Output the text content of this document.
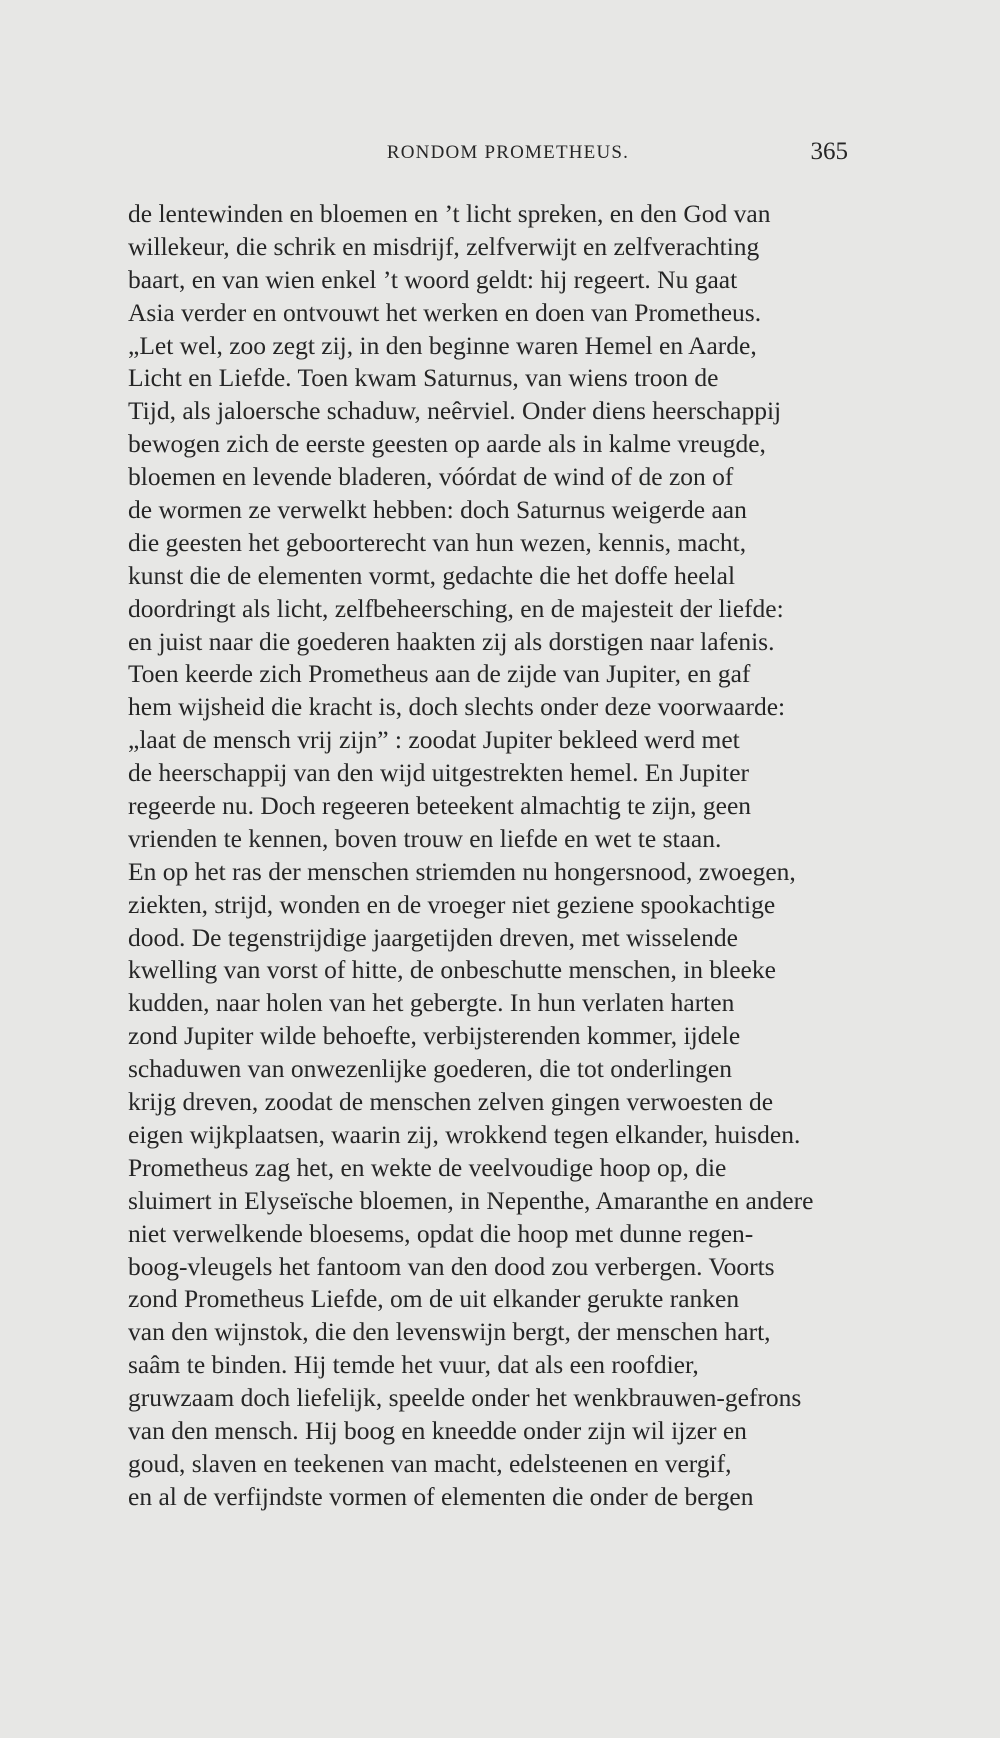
RONDOM PROMETHEUS.	365
de lentewinden en bloemen en ’t licht spreken, en den God van
willekeur, die schrik en misdrijf, zelfverwijt en zelfverachting
baart, en van wien enkel ’t woord geldt: hij regeert. Nu gaat
Asia verder en ontvouwt het werken en doen van Prometheus.
„Let wel, zoo zegt zij, in den beginne waren Hemel en Aarde,
Licht en Liefde. Toen kwam Saturnus, van wiens troon de
Tijd, als jaloersche schaduw, neêrviel. Onder diens heerschappij
bewogen zich de eerste geesten op aarde als in kalme vreugde,
bloemen en levende bladeren, vóórdat de wind of de zon of
de wormen ze verwelkt hebben: doch Saturnus weigerde aan
die geesten het geboorterecht van hun wezen, kennis, macht,
kunst die de elementen vormt, gedachte die het doffe heelal
doordringt als licht, zelfbeheersching, en de majesteit der liefde:
en juist naar die goederen haakten zij als dorstigen naar lafenis.
Toen keerde zich Prometheus aan de zijde van Jupiter, en gaf
hem wijsheid die kracht is, doch slechts onder deze voorwaarde:
„laat de mensch vrij zijn” : zoodat Jupiter bekleed werd met
de heerschappij van den wijd uitgestrekten hemel. En Jupiter
regeerde nu. Doch regeeren beteekent almachtig te zijn, geen
vrienden te kennen, boven trouw en liefde en wet te staan.
En op het ras der menschen striemden nu hongersnood, zwoegen,
ziekten, strijd, wonden en de vroeger niet geziene spookachtige
dood. De tegenstrijdige jaargetijden dreven, met wisselende
kwelling van vorst of hitte, de onbeschutte menschen, in bleeke
kudden, naar holen van het gebergte. In hun verlaten harten
zond Jupiter wilde behoefte, verbijsterenden kommer, ijdele
schaduwen van onwezenlijke goederen, die tot onderlingen
krijg dreven, zoodat de menschen zelven gingen verwoesten de
eigen wijkplaatsen, waarin zij, wrokkend tegen elkander, huisden.
Prometheus zag het, en wekte de veelvoudige hoop op, die
sluimert in Elyseïsche bloemen, in Nepenthe, Amaranthe en andere
niet verwelkende bloesems, opdat die hoop met dunne regen-
boog-vleugels het fantoom van den dood zou verbergen. Voorts
zond Prometheus Liefde, om de uit elkander gerukte ranken
van den wijnstok, die den levenswijn bergt, der menschen hart,
saâm te binden. Hij temde het vuur, dat als een roofdier,
gruwzaam doch liefelijk, speelde onder het wenkbrauwen-gefrons
van den mensch. Hij boog en kneedde onder zijn wil ijzer en
goud, slaven en teekenen van macht, edelsteenen en vergif,
en al de verfijndste vormen of elementen die onder de bergen
